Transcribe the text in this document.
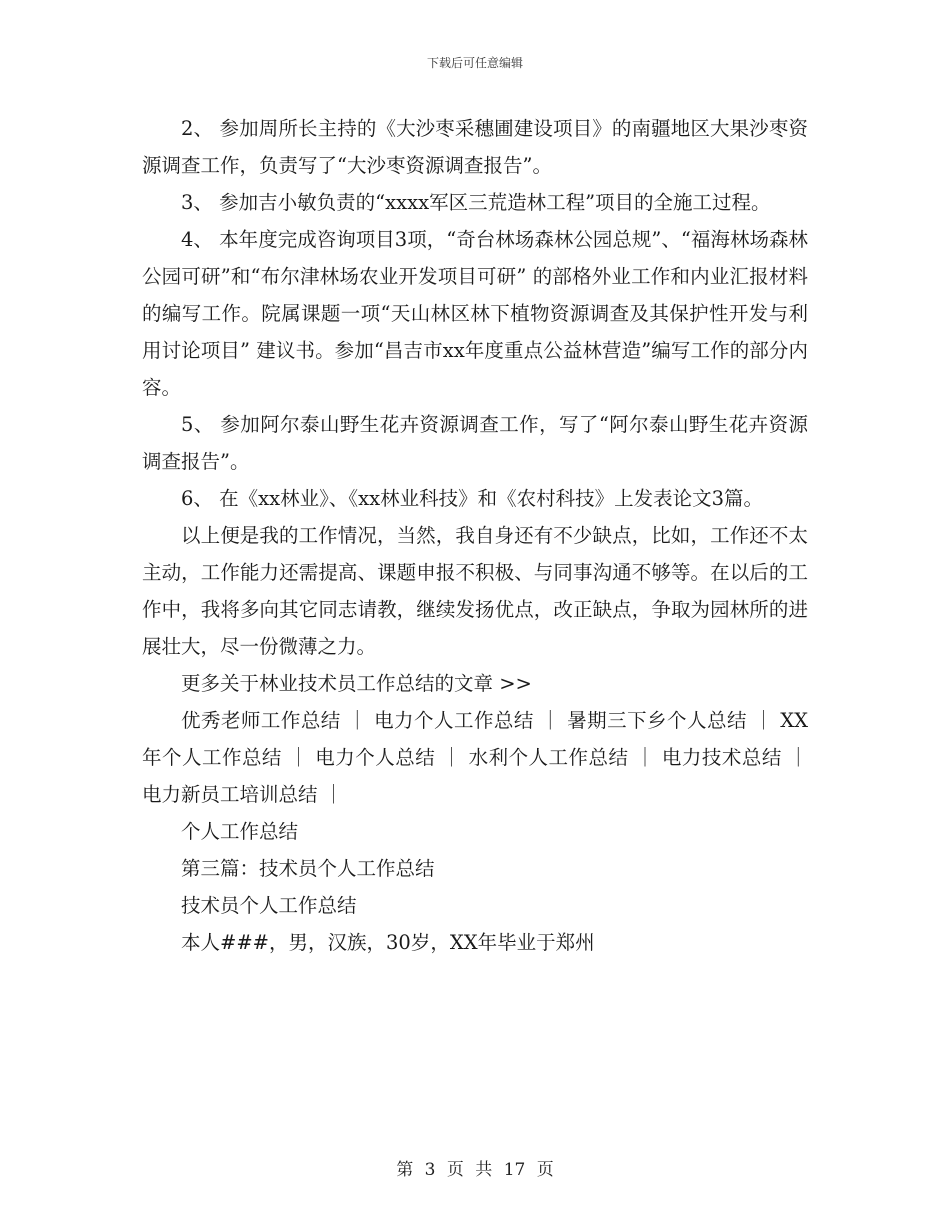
下载后可任意编辑

2、 参加周所长主持的《大沙枣采穗圃建设项目》的南疆地区大果沙枣资源调查工作，负责写了“大沙枣资源调查报告”。

3、 参加吉小敏负责的“xxxx军区三荒造林工程”项目的全施工过程。

4、 本年度完成咨询项目3项，“奇台林场森林公园总规”、“福海林场森林公园可研”和“布尔津林场农业开发项目可研” 的部格外业工作和内业汇报材料的编写工作。院属课题一项“天山林区林下植物资源调查及其保护性开发与利用讨论项目” 建议书。参加“昌吉市xx年度重点公益林营造”编写工作的部分内容。

5、 参加阿尔泰山野生花卉资源调查工作，写了“阿尔泰山野生花卉资源调查报告”。

6、 在《xx林业》、《xx林业科技》和《农村科技》上发表论文3篇。

以上便是我的工作情况，当然，我自身还有不少缺点，比如，工作还不太主动，工作能力还需提高、课题申报不积极、与同事沟通不够等。在以后的工作中，我将多向其它同志请教，继续发扬优点，改正缺点，争取为园林所的进展壮大，尽一份微薄之力。

更多关于林业技术员工作总结的文章 >>

优秀老师工作总结 ｜ 电力个人工作总结 ｜ 暑期三下乡个人总结 ｜ XX年个人工作总结 ｜ 电力个人总结 ｜ 水利个人工作总结 ｜ 电力技术总结 ｜ 电力新员工培训总结 ｜

个人工作总结

第三篇：技术员个人工作总结

技术员个人工作总结

本人###，男，汉族，30岁，XX年毕业于郑州

第 3 页 共 17 页
